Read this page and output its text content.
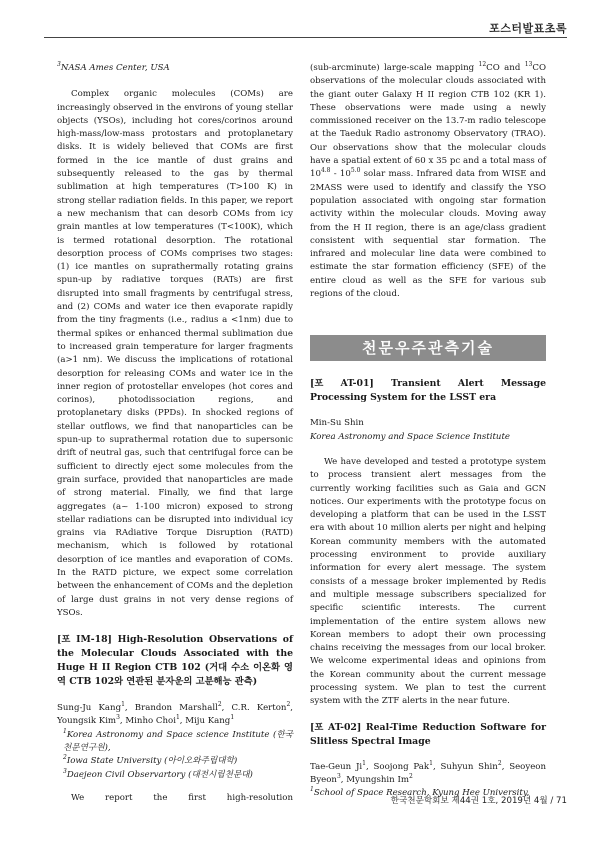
포스터발표초록

$^3$NASA Ames Center, USA

Complex organic molecules (COMs) are increasingly observed in the environs of young stellar objects (YSOs), including hot cores/corinos around high-mass/low-mass protostars and protoplanetary disks. It is widely believed that COMs are first formed in the ice mantle of dust grains and subsequently released to the gas by thermal sublimation at high temperatures (T>100 K) in strong stellar radiation fields. In this paper, we report a new mechanism that can desorb COMs from icy grain mantles at low temperatures (T<100K), which is termed rotational desorption. The rotational desorption process of COMs comprises two stages: (1) ice mantles on suprathermally rotating grains spun-up by radiative torques (RATs) are first disrupted into small fragments by centrifugal stress, and (2) COMs and water ice then evaporate rapidly from the tiny fragments (i.e., radius a <1nm) due to thermal spikes or enhanced thermal sublimation due to increased grain temperature for larger fragments (a>1 nm). We discuss the implications of rotational desorption for releasing COMs and water ice in the inner region of protostellar envelopes (hot cores and corinos), photodissociation regions, and protoplanetary disks (PPDs). In shocked regions of stellar outflows, we find that nanoparticles can be spun-up to suprathermal rotation due to supersonic drift of neutral gas, such that centrifugal force can be sufficient to directly eject some molecules from the grain surface, provided that nanoparticles are made of strong material. Finally, we find that large aggregates (a~ 1-100 micron) exposed to strong stellar radiations can be disrupted into individual icy grains via RAdiative Torque Disruption (RATD) mechanism, which is followed by rotational desorption of ice mantles and evaporation of COMs. In the RATD picture, we expect some correlation between the enhancement of COMs and the depletion of large dust grains in not very dense regions of YSOs.

[포 IM-18] High-Resolution Observations of the Molecular Clouds Associated with the Huge H II Region CTB 102 (거대 수소 이온화 영역 CTB 102와 연관된 분자운의 고분해능 관측)

Sung-Ju Kang$^1$, Brandon Marshall$^2$, C.R. Kerton$^2$, Youngsik Kim$^3$, Minho Choi$^1$, Miju Kang$^1$

$^1$Korea Astronomy and Space science Institute (한국천문연구원),

$^2$Iowa State University (아이오와주립대학)

$^3$Daejeon Civil Observartory (대전시립천문대)

We report the first high-resolution

(sub-arcminute) large-scale mapping $^{12}$CO and $^{13}$CO observations of the molecular clouds associated with the giant outer Galaxy H II region CTB 102 (KR 1). These observations were made using a newly commissioned receiver on the 13.7-m radio telescope at the Taeduk Radio astronomy Observatory (TRAO). Our observations show that the molecular clouds have a spatial extent of 60 x 35 pc and a total mass of $10^{4.8} - 10^{5.0}$ solar mass. Infrared data from WISE and 2MASS were used to identify and classify the YSO population associated with ongoing star formation activity within the molecular clouds. Moving away from the H II region, there is an age/class gradient consistent with sequential star formation. The infrared and molecular line data were combined to estimate the star formation efficiency (SFE) of the entire cloud as well as the SFE for various sub regions of the cloud.

천문우주관측기술

[포 AT-01] Transient Alert Message Processing System for the LSST era

Min-Su Shin

Korea Astronomy and Space Science Institute

We have developed and tested a prototype system to process transient alert messages from the currently working facilities such as Gaia and GCN notices. Our experiments with the prototype focus on developing a platform that can be used in the LSST era with about 10 million alerts per night and helping Korean community members with the automated processing environment to provide auxiliary information for every alert message. The system consists of a message broker implemented by Redis and multiple message subscribers specialized for specific scientific interests. The current implementation of the entire system allows new Korean members to adopt their own processing chains receiving the messages from our local broker. We welcome experimental ideas and opinions from the Korean community about the current message processing system. We plan to test the current system with the ZTF alerts in the near future.

[포 AT-02] Real-Time Reduction Software for Slitless Spectral Image

Tae-Geun Ji$^1$, Soojong Pak$^1$, Suhyun Shin$^2$, Seoyeon Byeon$^3$, Myungshin Im$^2$

$^1$School of Space Research, Kyung Hee University,

한국천문학회보 제44권 1호, 2019년 4월 / 71
